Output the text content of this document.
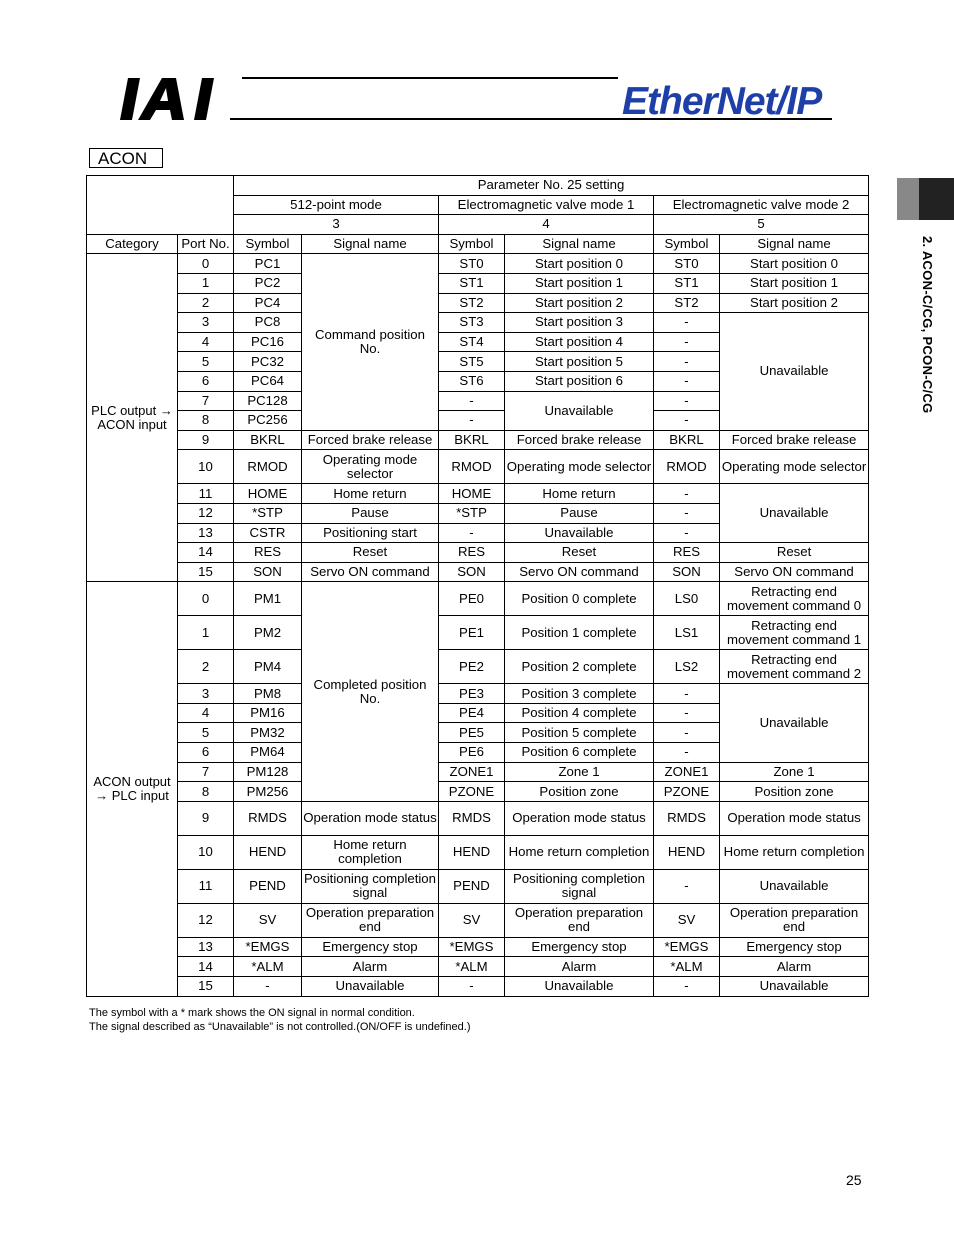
EtherNet/IP
ACON
2. ACON-C/CG, PCON-C/CG
		Parameter No. 25 setting					
		512-point mode		Electromagnetic valve mode 1		Electromagnetic valve mode 2	
		3		4		5	
Category	Port No.	Symbol	Signal name	Symbol	Signal name	Symbol	Signal name
PLC output → ACON input	0	PC1	Command position No.	ST0	Start position 0	ST0	Start position 0
	1	PC2		ST1	Start position 1	ST1	Start position 1
	2	PC4		ST2	Start position 2	ST2	Start position 2
	3	PC8		ST3	Start position 3	-	Unavailable
	4	PC16		ST4	Start position 4	-	
	5	PC32		ST5	Start position 5	-	
	6	PC64		ST6	Start position 6	-	
	7	PC128		-	Unavailable	-	
	8	PC256		-		-	
	9	BKRL	Forced brake release	BKRL	Forced brake release	BKRL	Forced brake release
	10	RMOD	Operating mode selector	RMOD	Operating mode selector	RMOD	Operating mode selector
	11	HOME	Home return	HOME	Home return	-	Unavailable
	12	*STP	Pause	*STP	Pause	-	
	13	CSTR	Positioning start	-	Unavailable	-	
	14	RES	Reset	RES	Reset	RES	Reset
	15	SON	Servo ON command	SON	Servo ON command	SON	Servo ON command
ACON output → PLC input	0	PM1	Completed position No.	PE0	Position 0 complete	LS0	Retracting end movement command 0
	1	PM2		PE1	Position 1 complete	LS1	Retracting end movement command 1
	2	PM4		PE2	Position 2 complete	LS2	Retracting end movement command 2
	3	PM8		PE3	Position 3 complete	-	Unavailable
	4	PM16		PE4	Position 4 complete	-	
	5	PM32		PE5	Position 5 complete	-	
	6	PM64		PE6	Position 6 complete	-	
	7	PM128		ZONE1	Zone 1	ZONE1	Zone 1
	8	PM256		PZONE	Position zone	PZONE	Position zone
	9	RMDS	Operation mode status	RMDS	Operation mode status	RMDS	Operation mode status
	10	HEND	Home return completion	HEND	Home return completion	HEND	Home return completion
	11	PEND	Positioning completion signal	PEND	Positioning completion signal	-	Unavailable
	12	SV	Operation preparation end	SV	Operation preparation end	SV	Operation preparation end
	13	*EMGS	Emergency stop	*EMGS	Emergency stop	*EMGS	Emergency stop
	14	*ALM	Alarm	*ALM	Alarm	*ALM	Alarm
	15	-	Unavailable	-	Unavailable	-	Unavailable
The symbol with a * mark shows the ON signal in normal condition.
The signal described as “Unavailable” is not controlled.(ON/OFF is undefined.)
25
